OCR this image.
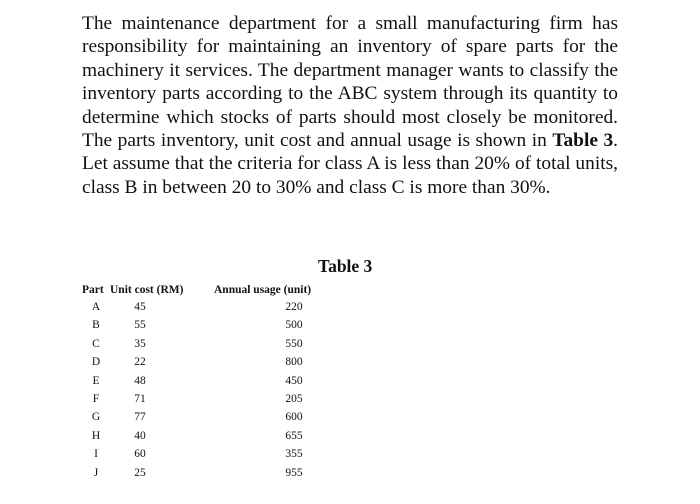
The maintenance department for a small manufacturing firm has responsibility for maintaining an inventory of spare parts for the machinery it services. The department manager wants to classify the inventory parts according to the ABC system through its quantity to determine which stocks of parts should most closely be monitored. The parts inventory, unit cost and annual usage is shown in Table 3. Let assume that the criteria for class A is less than 20% of total units, class B in between 20 to 30% and class C is more than 30%.

Table 3
Part	Unit cost (RM)	Annual usage (unit)
A	45	220
B	55	500
C	35	550
D	22	800
E	48	450
F	71	205
G	77	600
H	40	655
I	60	355
J	25	955
